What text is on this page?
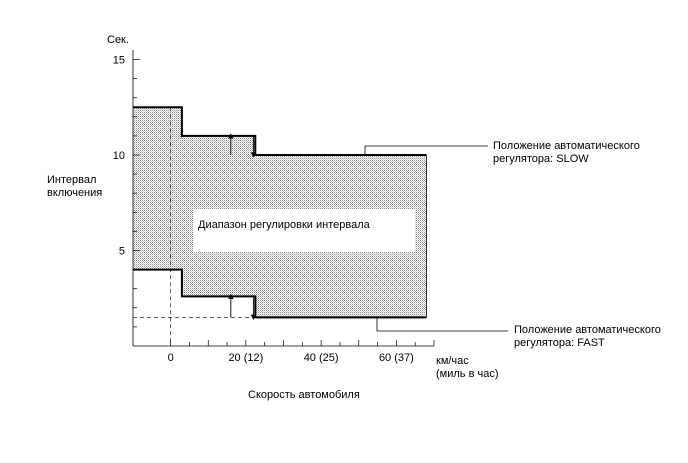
5
10
15
0	20 (12)	40 (25)	60 (37)
Сек.
Диапазон регулировки интервала
Скорость автомобиля
Интервал
включения
км/час
(миль в час)
Положение автоматического
регулятора: SLOW
Положение автоматического
регулятора: FAST
